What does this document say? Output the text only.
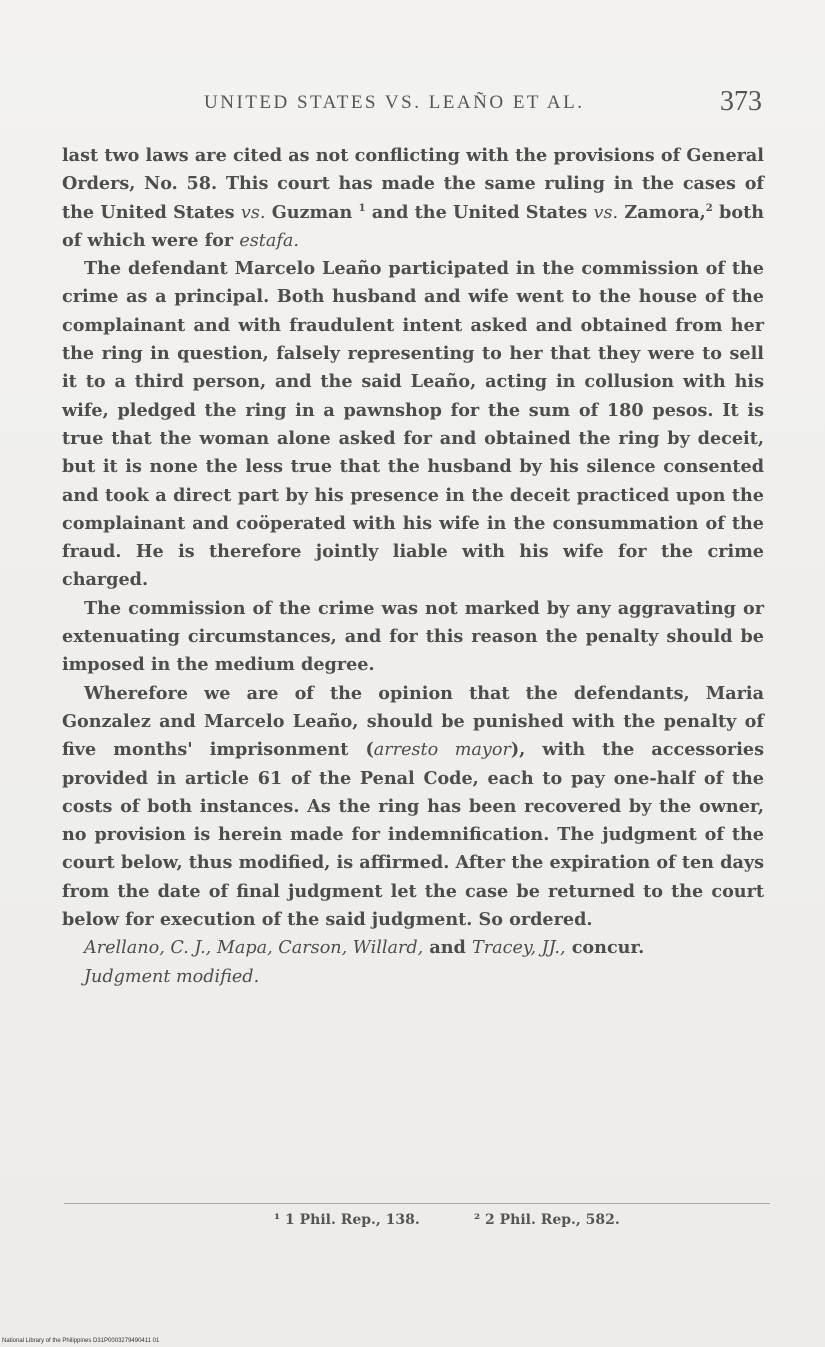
UNITED STATES VS. LEAÑO ET AL.	373

last two laws are cited as not conflicting with the provisions of General Orders, No. 58. This court has made the same ruling in the cases of the United States vs. Guzman $^1$ and the United States vs. Zamora,$^2$ both of which were for estafa.

The defendant Marcelo Leaño participated in the commission of the crime as a principal. Both husband and wife went to the house of the complainant and with fraudulent intent asked and obtained from her the ring in question, falsely representing to her that they were to sell it to a third person, and the said Leaño, acting in collusion with his wife, pledged the ring in a pawnshop for the sum of 180 pesos. It is true that the woman alone asked for and obtained the ring by deceit, but it is none the less true that the husband by his silence consented and took a direct part by his presence in the deceit practiced upon the complainant and coöperated with his wife in the consummation of the fraud. He is therefore jointly liable with his wife for the crime charged.

The commission of the crime was not marked by any aggravating or extenuating circumstances, and for this reason the penalty should be imposed in the medium degree.

Wherefore we are of the opinion that the defendants, Maria Gonzalez and Marcelo Leaño, should be punished with the penalty of five months' imprisonment (arresto mayor), with the accessories provided in article 61 of the Penal Code, each to pay one-half of the costs of both instances. As the ring has been recovered by the owner, no provision is herein made for indemnification. The judgment of the court below, thus modified, is affirmed. After the expiration of ten days from the date of final judgment let the case be returned to the court below for execution of the said judgment. So ordered.

Arellano, C. J., Mapa, Carson, Willard, and Tracey, JJ., concur.

Judgment modified.

¹ 1 Phil. Rep., 138.	² 2 Phil. Rep., 582.
National Library of the Philippines D31P0003279490411 01
